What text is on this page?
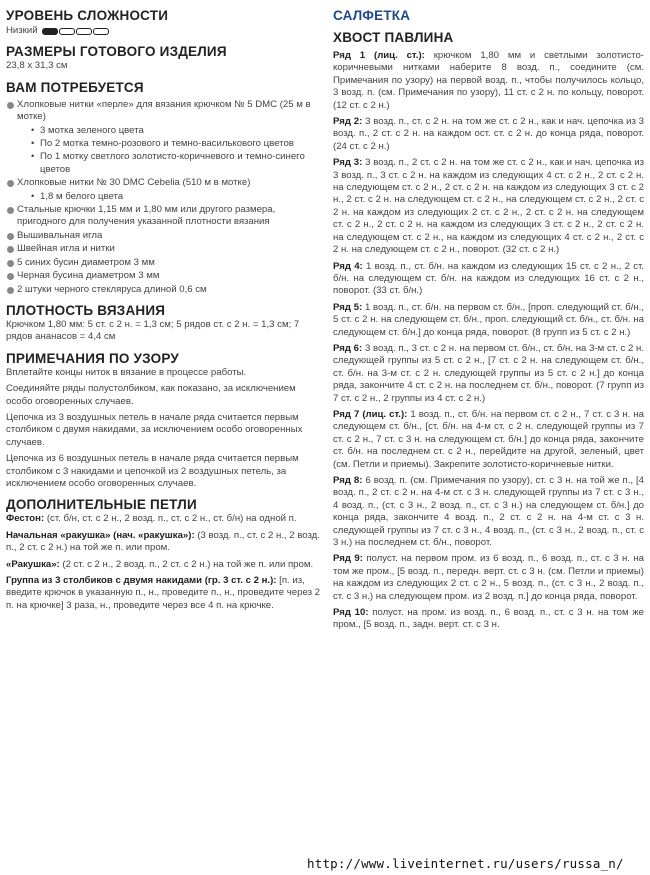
УРОВЕНЬ СЛОЖНОСТИ
Низкий
РАЗМЕРЫ ГОТОВОГО ИЗДЕЛИЯ
23,8 х 31,3 см
ВАМ ПОТРЕБУЕТСЯ
Хлопковые нитки «перле» для вязания крючком № 5 DMC (25 м в мотке)
• 3 мотка зеленого цвета
• По 2 мотка темно-розового и темно-василькового цветов
• По 1 мотку светлого золотисто-коричневого и темно-синего цветов
Хлопковые нитки № 30 DMC Cebelia (510 м в мотке)
• 1,8 м белого цвета
Стальные крючки 1,15 мм и 1,80 мм или другого размера, пригодного для получения указанной плотности вязания
Вышивальная игла
Швейная игла и нитки
5 синих бусин диаметром 3 мм
Черная бусина диаметром 3 мм
2 штуки черного стекляруса длиной 0,6 см
ПЛОТНОСТЬ ВЯЗАНИЯ
Крючком 1,80 мм: 5 ст. с 2 н. = 1,3 см; 5 рядов ст. с 2 н. = 1,3 см; 7 рядов ананасов = 4,4 см
ПРИМЕЧАНИЯ ПО УЗОРУ
Вплетайте концы ниток в вязание в процессе работы.
Соединяйте ряды полустолбиком, как показано, за исключением особо оговоренных случаев.
Цепочка из 3 воздушных петель в начале ряда считается первым столбиком с двумя накидами, за исключением особо оговоренных случаев.
Цепочка из 6 воздушных петель в начале ряда считается первым столбиком с 3 накидами и цепочкой из 2 воздушных петель, за исключением особо оговоренных случаев.
ДОПОЛНИТЕЛЬНЫЕ ПЕТЛИ
Фестон: (ст. б/н, ст. с 2 н., 2 возд. п., ст. с 2 н., ст. б/н) на одной п.
Начальная «ракушка» (нач. «ракушка»): (3 возд. п., ст. с 2 н., 2 возд. п., 2 ст. с 2 н.) на той же п. или пром.
«Ракушка»: (2 ст. с 2 н., 2 возд. п., 2 ст. с 2 н.) на той же п. или пром.
Группа из 3 столбиков с двумя накидами (гр. 3 ст. с 2 н.): [п. из, введите крючок в указанную п., н., проведите п., н., проведите через 2 п. на крючке] 3 раза, н., проведите через все 4 п. на крючке.
САЛФЕТКА
ХВОСТ ПАВЛИНА
Ряд 1 (лиц. ст.): крючком 1,80 мм и светлыми золотисто-коричневыми нитками наберите 8 возд. п., соедините (см. Примечания по узору) на первой возд. п., чтобы получилось кольцо, 3 возд. п. (см. Примечания по узору), 11 ст. с 2 н. по кольцу, поворот. (12 ст. с 2 н.)
Ряд 2: 3 возд. п., ст. с 2 н. на том же ст. с 2 н., как и нач. цепочка из 3 возд. п., 2 ст. с 2 н. на каждом ост. ст. с 2 н. до конца ряда, поворот. (24 ст. с 2 н.)
Ряд 3: 3 возд. п., 2 ст. с 2 н. на том же ст. с 2 н., как и нач. цепочка из 3 возд. п., 3 ст. с 2 н. на каждом из следующих 4 ст. с 2 н., 2 ст. с 2 н. на следующем ст. с 2 н., 2 ст. с 2 н. на каждом из следующих 3 ст. с 2 н., 2 ст. с 2 н. на следующем ст. с 2 н., на следующем ст. с 2 н., 2 ст. с 2 н. на каждом из следующих 2 ст. с 2 н., 2 ст. с 2 н. на следующем ст. с 2 н., 2 ст. с 2 н. на каждом из следующих 3 ст. с 2 н., 2 ст. с 2 н. на следующем ст. с 2 н., на каждом из следующих 4 ст. с 2 н., 2 ст. с 2 н. на следующем ст. с 2 н., поворот. (32 ст. с 2 н.)
Ряд 4: 1 возд. п., ст. б/н. на каждом из следующих 15 ст. с 2 н., 2 ст. б/н. на следующем ст. б/н. на каждом из следующих 16 ст. с 2 н., поворот. (33 ст. б/н.)
Ряд 5: 1 возд. п., ст. б/н. на первом ст. б/н., [проп. следующий ст. б/н., 5 ст. с 2 н. на следующем ст. б/н., проп. следующий ст. б/н., ст. б/н. на следующем ст. б/н.] до конца ряда, поворот. (8 групп из 5 ст. с 2 н.)
Ряд 6: 3 возд. п., 3 ст. с 2 н. на первом ст. б/н., ст. б/н. на 3-м ст. с 2 н. следующей группы из 5 ст. с 2 н., [7 ст. с 2 н. на следующем ст. б/н., ст. б/н. на 3-м ст. с 2 н. следующей группы из 5 ст. с 2 н.] до конца ряда, закончите 4 ст. с 2 н. на последнем ст. б/н., поворот. (7 групп из 7 ст. с 2 н., 2 группы из 4 ст. с 2 н.)
Ряд 7 (лиц. ст.): 1 возд. п., ст. б/н. на первом ст. с 2 н., 7 ст. с 3 н. на следующем ст. б/н., [ст. б/н. на 4-м ст. с 2 н. следующей группы из 7 ст. с 2 н., 7 ст. с 3 н. на следующем ст. б/н.] до конца ряда, закончите ст. б/н. на последнем ст. с 2 н., перейдите на другой, зеленый, цвет (см. Петли и приемы). Закрепите золотисто-коричневые нитки.
Ряд 8: 6 возд. п. (см. Примечания по узору), ст. с 3 н. на той же п., [4 возд. п., 2 ст. с 2 н. на 4-м ст. с 3 н. следующей группы из 7 ст. с 3 н., 4 возд. п., (ст. с 3 н., 2 возд. п., ст. с 3 н.) на следующем ст. б/н.] до конца ряда, закончите 4 возд. п., 2 ст. с 2 н. на 4-м ст. с 3 н. следующей группы из 7 ст. с 3 н., 4 возд. п., (ст. с 3 н., 2 возд. п., ст. с 3 н.) на последнем ст. б/н., поворот.
Ряд 9: полуст. на первом пром. из 6 возд. п., 6 возд. п., ст. с 3 н. на том же пром., [5 возд. п., передн. верт. ст. с 3 н. (см. Петли и приемы) на каждом из следующих 2 ст. с 2 н., 5 возд. п., (ст. с 3 н., 2 возд. п., ст. с 3 н.) на следующем пром. из 2 возд. п.] до конца ряда, поворот.
Ряд 10: полуст. на пром. из возд. п., 6 возд. п., ст. с 3 н. на том же пром., [5 возд. п., задн. верт. ст. с 3 н.
http://www.liveinternet.ru/users/russa_n/
